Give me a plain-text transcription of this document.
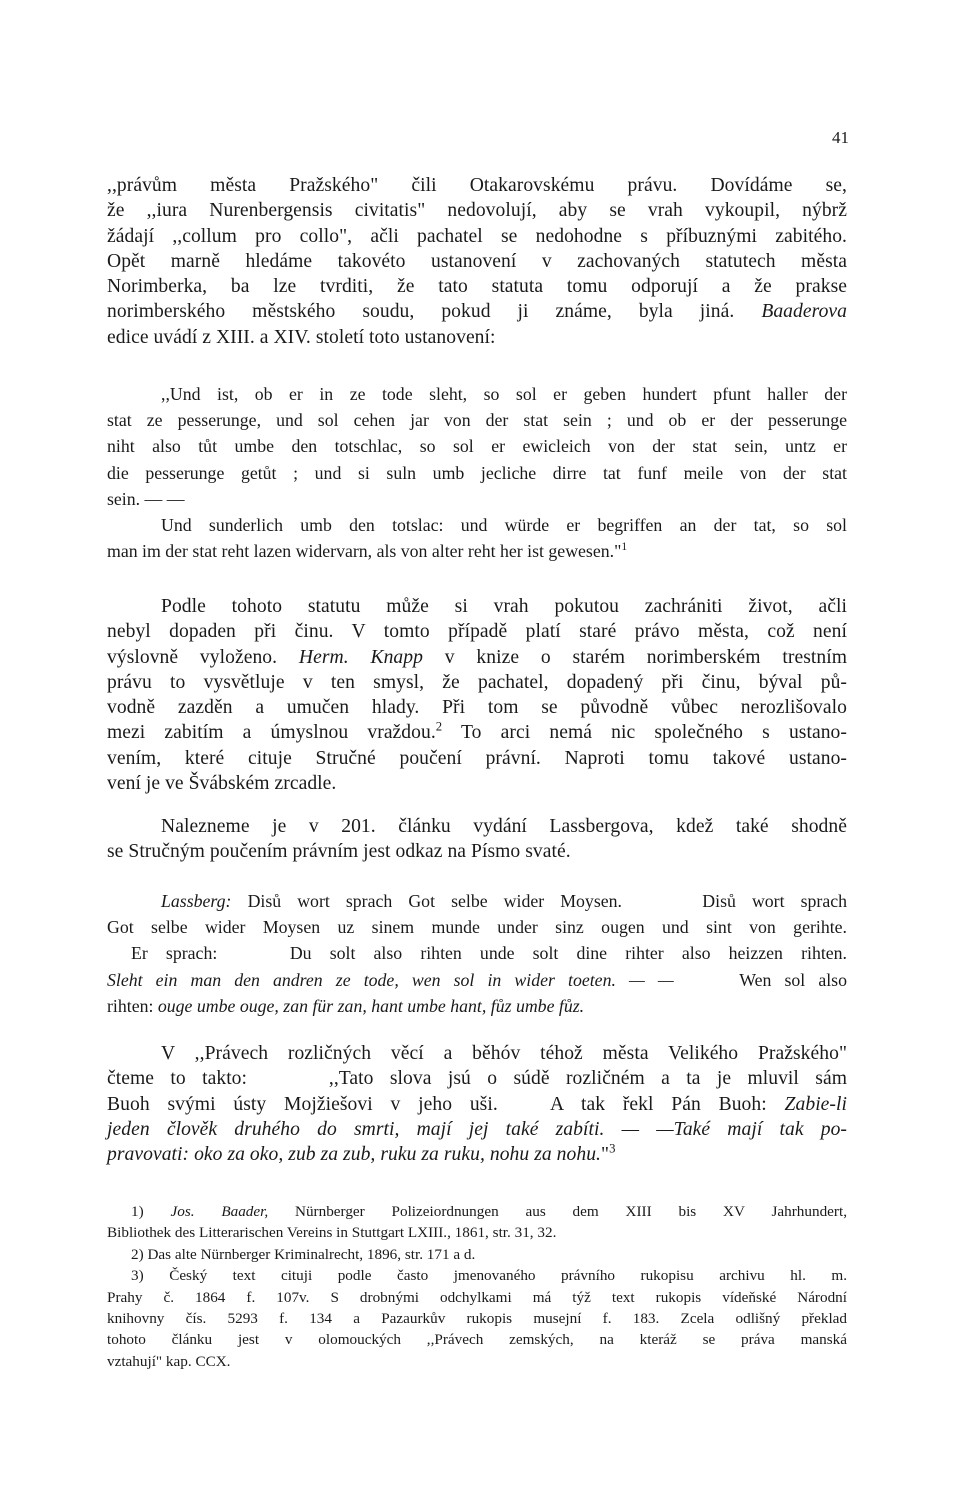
41
,,právům města Pražského" čili Otakarovskému právu. Dovídáme se,
že ,,iura Nurenbergensis civitatis" nedovolují, aby se vrah vykoupil, nýbrž
žádají ,,collum pro collo", ačli pachatel se nedohodne s příbuznými zabitého.
Opět marně hledáme takovéto ustanovení v zachovaných statutech města
Norimberka, ba lze tvrditi, že tato statuta tomu odporují a že prakse
norimberského městského soudu, pokud ji známe, byla jiná. Baaderova
edice uvádí z XIII. a XIV. století toto ustanovení:
,,Und ist, ob er in ze tode sleht, so sol er geben hundert pfunt haller der
stat ze pesserunge, und sol cehen jar von der stat sein ; und ob er der pesserunge
niht also tůt umbe den totschlac, so sol er ewicleich von der stat sein, untz er
die pesserunge getůt ; und si suln umb jecliche dirre tat funf meile von der stat
sein. — —
Und sunderlich umb den totslac: und würde er begriffen an der tat, so sol
man im der stat reht lazen widervarn, als von alter reht her ist gewesen."$^1$
Podle tohoto statutu může si vrah pokutou zachrániti život, ačli
nebyl dopaden při činu. V tomto případě platí staré právo města, což není
výslovně vyloženo. Herm. Knapp v knize o starém norimberském trestním
právu to vysvětluje v ten smysl, že pachatel, dopadený při činu, býval pů-
vodně zazděn a umučen hlady. Při tom se původně vůbec nerozlišovalo
mezi zabitím a úmyslnou vraždou.$^2$ To arci nemá nic společného s ustano-
vením, které cituje Stručné poučení právní. Naproti tomu takové ustano-
vení je ve Švábském zrcadle.
Nalezneme je v 201. článku vydání Lassbergova, kdež také shodně
se Stručným poučením právním jest odkaz na Písmo svaté.
Lassberg: Disů wort sprach Got selbe wider Moysen.     Disů wort sprach
Got selbe wider Moysen uz sinem munde under sinz ougen und sint von gerihte.
Er sprach:    Du solt also rihten unde solt dine rihter also heizzen rihten.
Sleht ein man den andren ze tode, wen sol in wider toeten. — —	Wen sol also
rihten: ouge umbe ouge, zan für zan, hant umbe hant, fůz umbe fůz.
V ,,Právech rozličných věcí a běhóv téhož města Velikého Pražského"
čteme to takto:     ,,Tato slova jsú o súdě rozličném a ta je mluvil sám
Buoh svými ústy Mojžiešovi v jeho uši.   A tak řekl Pán Buoh: Zabie-li
jeden člověk druhého do smrti, mají jej také zabíti. — —Také mají tak po-
pravovati: oko za oko, zub za zub, ruku za ruku, nohu za nohu."$^3$
1) Jos. Baader, Nürnberger Polizeiordnungen aus dem XIII bis XV Jahrhundert,
Bibliothek des Litterarischen Vereins in Stuttgart LXIII., 1861, str. 31, 32.
2) Das alte Nürnberger Kriminalrecht, 1896, str. 171 a d.
3) Český text cituji podle často jmenovaného právního rukopisu archivu hl. m.
Prahy č. 1864 f. 107v. S drobnými odchylkami má týž text rukopis vídeňské Národní
knihovny čís. 5293 f. 134 a Pazaurkův rukopis musejní f. 183. Zcela odlišný překlad
tohoto článku jest v olomouckých ,,Právech zemských, na kteráž se práva manská
vztahují" kap. CCX.
